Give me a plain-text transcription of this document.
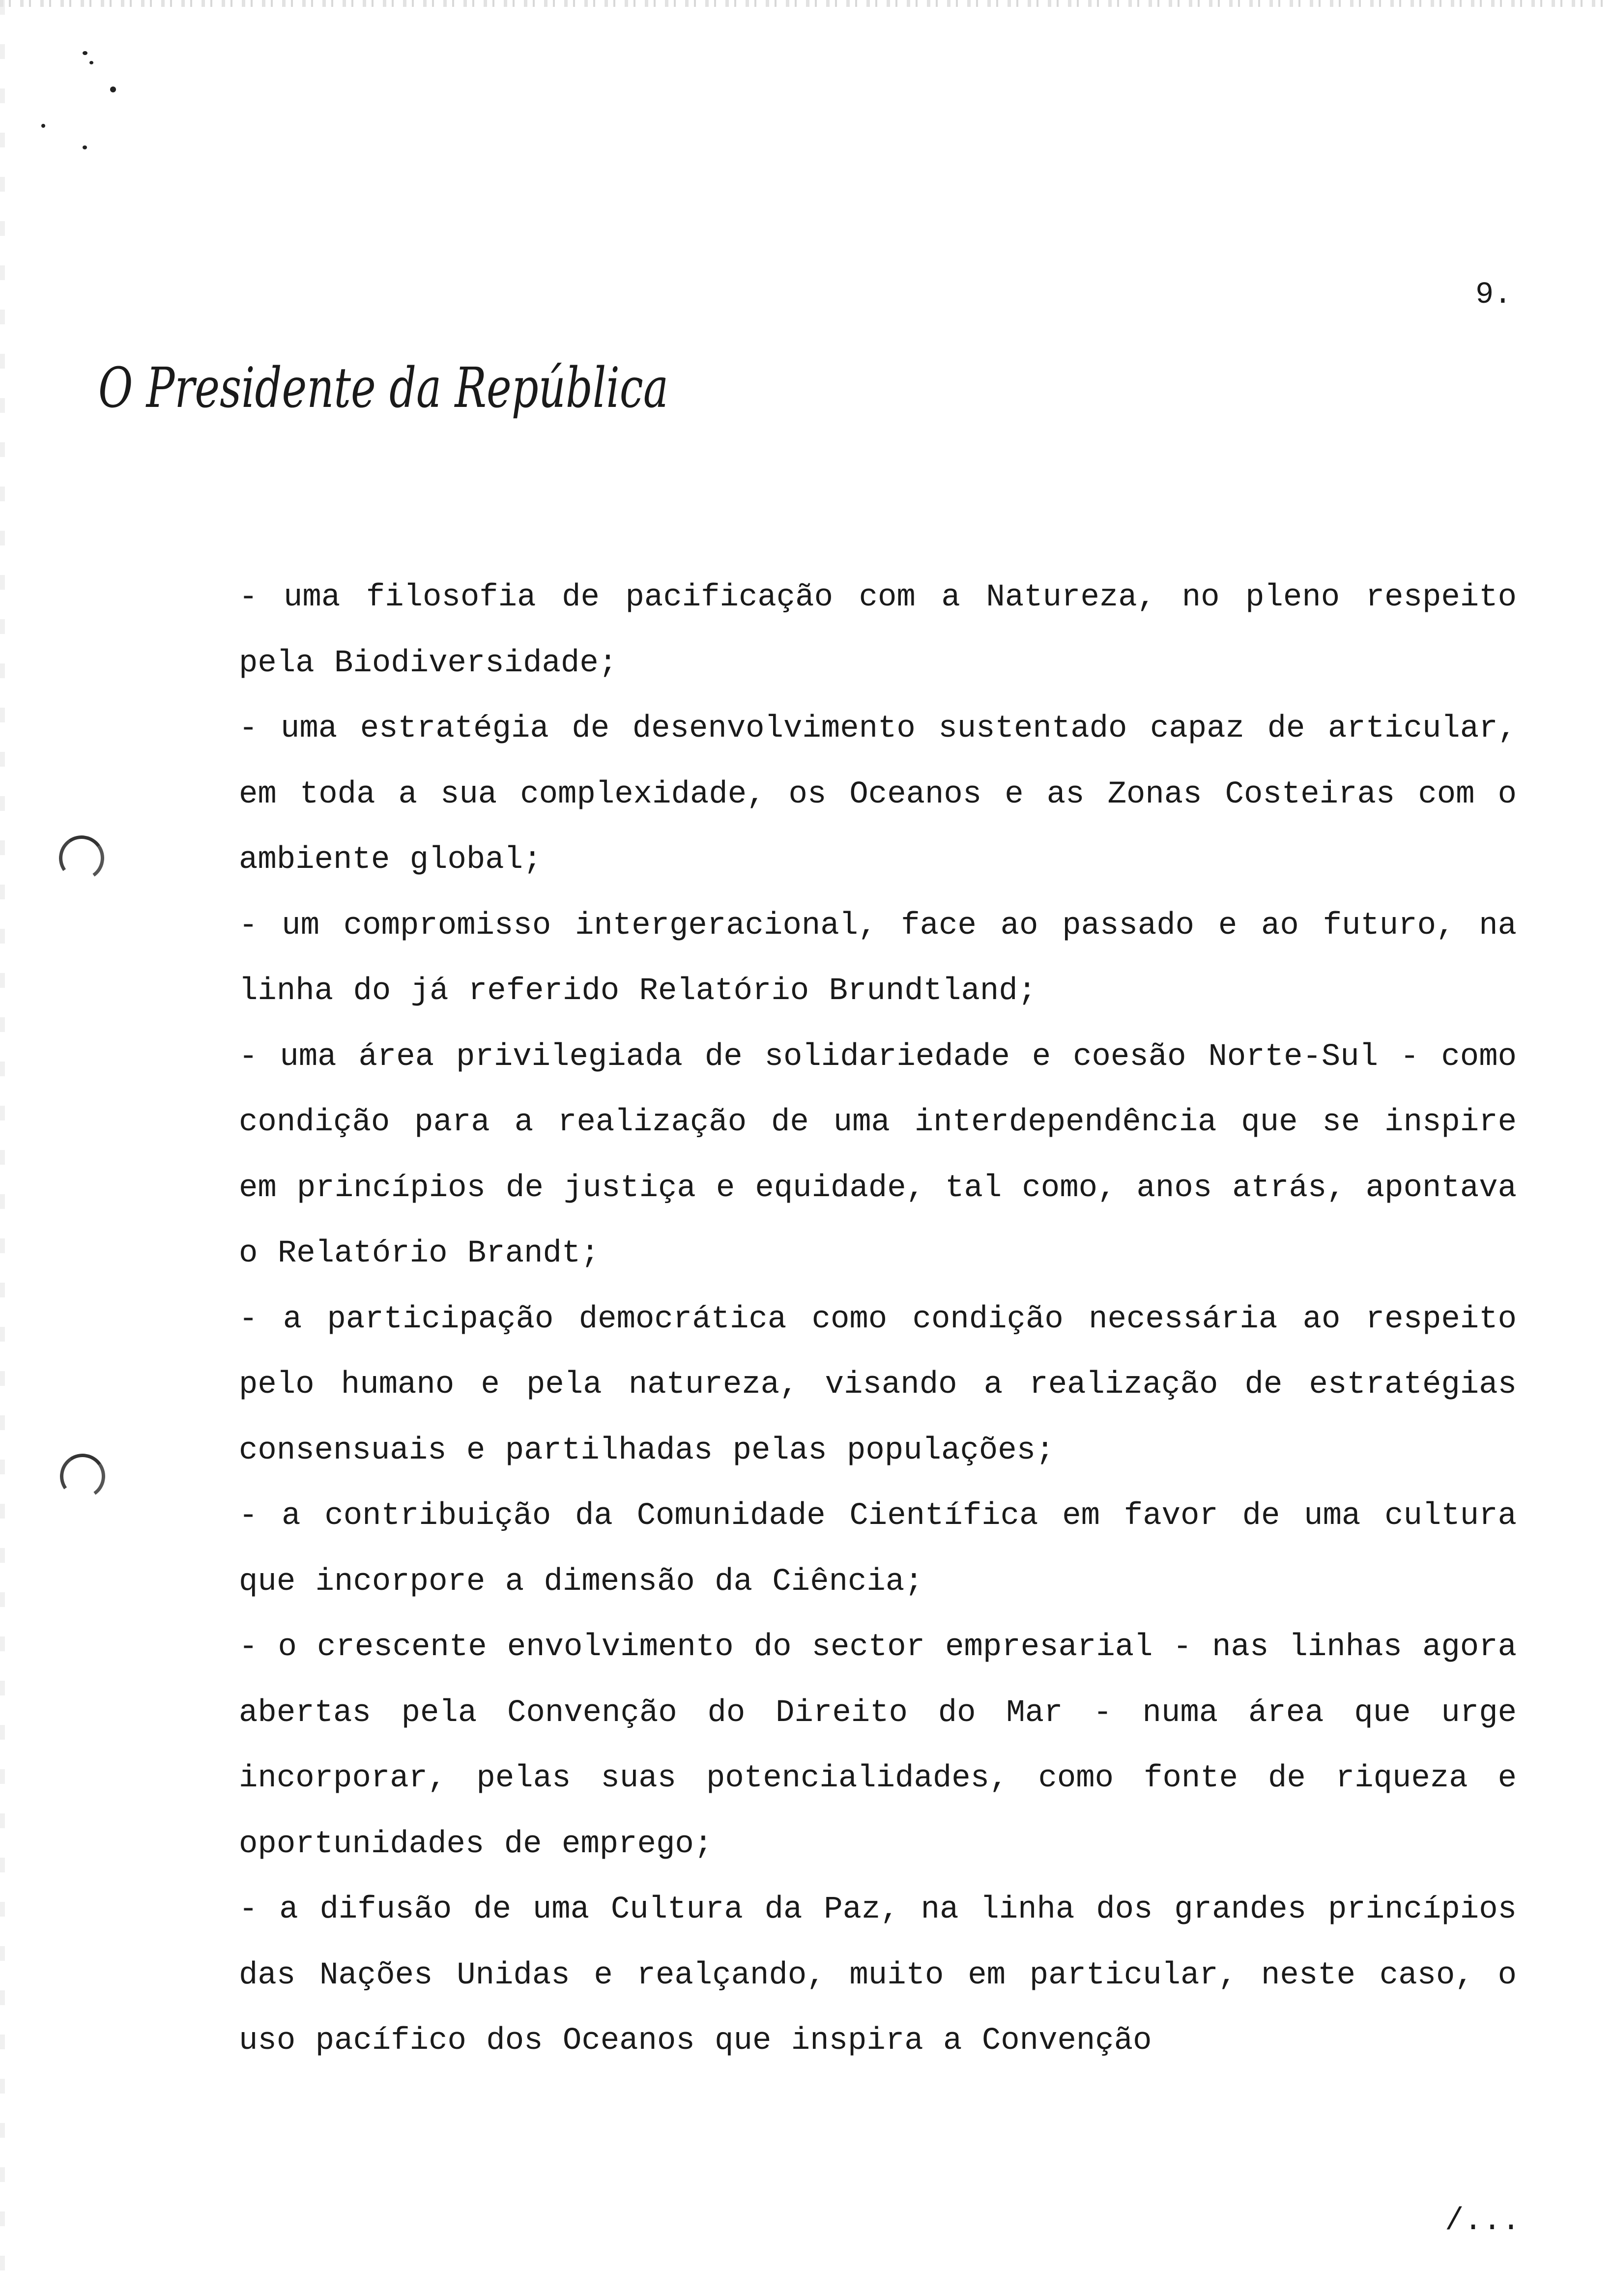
9.
O Presidente da República

- uma filosofia de pacificação com a Natureza, no pleno respeito pela Biodiversidade;

- uma estratégia de desenvolvimento sustentado capaz de articular, em toda a sua complexidade, os Oceanos e as Zonas Costeiras com o ambiente global;

- um compromisso intergeracional, face ao passado e ao futuro, na linha do já referido Relatório Brundtland;

- uma área privilegiada de solidariedade e coesão Norte-Sul - como condição para a realização de uma interdependência que se inspire em princípios de justiça e equidade, tal como, anos atrás, apontava o Relatório Brandt;

- a participação democrática como condição necessária ao respeito pelo humano e pela natureza, visando a realização de estratégias consensuais e partilhadas pelas populações;

- a contribuição da Comunidade Científica em favor de uma cultura que incorpore a dimensão da Ciência;

- o crescente envolvimento do sector empresarial - nas linhas agora abertas pela Convenção do Direito do Mar - numa área que urge incorporar, pelas suas potencialidades, como fonte de riqueza e oportunidades de emprego;

- a difusão de uma Cultura da Paz, na linha dos grandes princípios das Nações Unidas e realçando, muito em particular, neste caso, o uso pacífico dos Oceanos que inspira a Convenção

/...
